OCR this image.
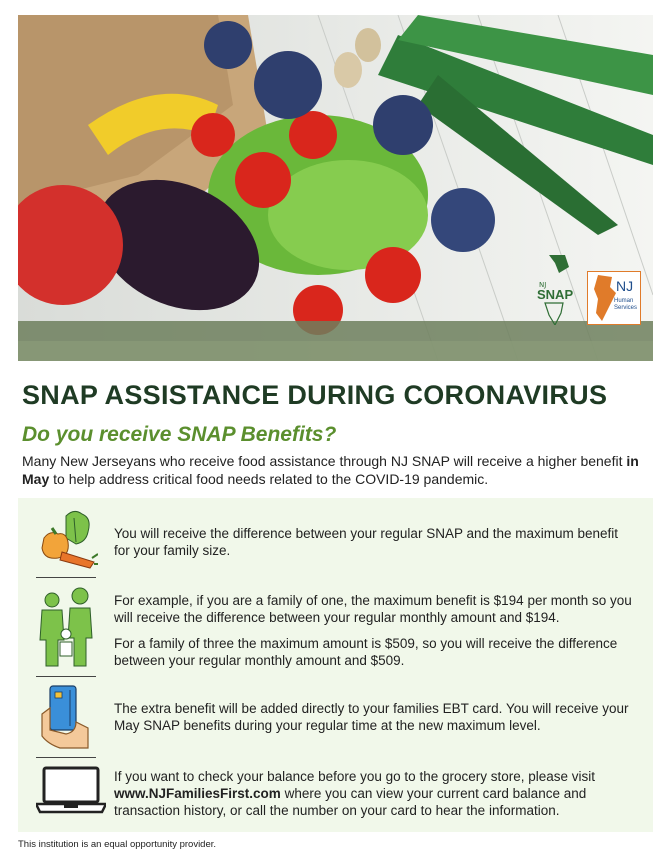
NJ
SNAP
NJ
Human
Services
SNAP ASSISTANCE DURING CORONAVIRUS
Do you receive SNAP Benefits?

Many New Jerseyans who receive food assistance through NJ SNAP will receive a higher benefit in May to help address critical food needs related to the COVID-19 pandemic.

You will receive the difference between your regular SNAP and the maximum benefit for your family size.

For example, if you are a family of one, the maximum benefit is $194 per month so you will receive the difference between your regular monthly amount and $194.

For a family of three the maximum amount is $509, so you will receive the difference between your regular monthly amount and $509.

The extra benefit will be added directly to your families EBT card. You will receive your May SNAP benefits during your regular time at the new maximum level.
If you want to check your balance before you go to the grocery store, please visit www.NJFamiliesFirst.com where you can view your current card balance and transaction history, or call the number on your card to hear the information.
This institution is an equal opportunity provider.
